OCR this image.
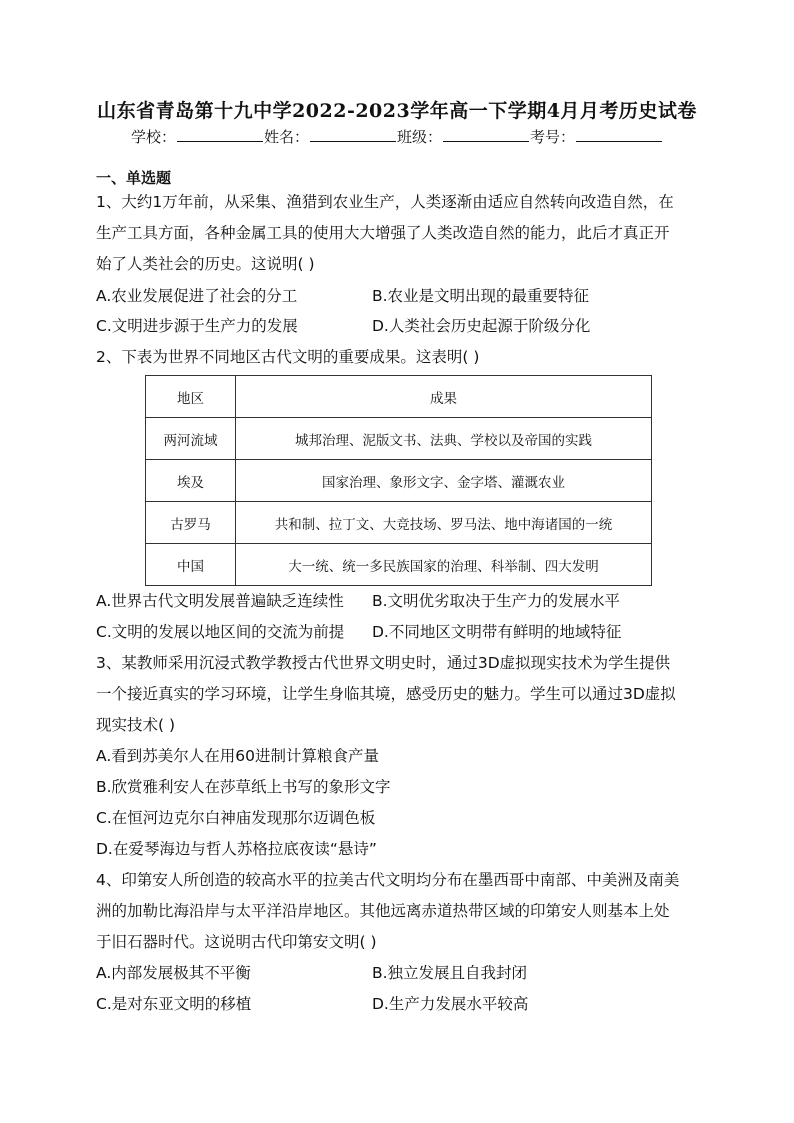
山东省青岛第十九中学2022-2023学年高一下学期4月月考历史试卷
学校：	姓名：	班级：	考号：
一、单选题
1、大约1万年前，从采集、渔猎到农业生产，人类逐渐由适应自然转向改造自然，在
生产工具方面，各种金属工具的使用大大增强了人类改造自然的能力，此后才真正开
始了人类社会的历史。这说明( )
A.农业发展促进了社会的分工	B.农业是文明出现的最重要特征
C.文明进步源于生产力的发展	D.人类社会历史起源于阶级分化
2、下表为世界不同地区古代文明的重要成果。这表明( )
地区	成果
两河流域	城邦治理、泥版文书、法典、学校以及帝国的实践
埃及	国家治理、象形文字、金字塔、灌溉农业
古罗马	共和制、拉丁文、大竞技场、罗马法、地中海诸国的一统
中国	大一统、统一多民族国家的治理、科举制、四大发明
A.世界古代文明发展普遍缺乏连续性 B.文明优劣取决于生产力的发展水平
C.文明的发展以地区间的交流为前提 D.不同地区文明带有鲜明的地域特征
3、某教师采用沉浸式教学教授古代世界文明史时，通过3D虚拟现实技术为学生提供
一个接近真实的学习环境，让学生身临其境，感受历史的魅力。学生可以通过3D虚拟
现实技术( )
A.看到苏美尔人在用60进制计算粮食产量
B.欣赏雅利安人在莎草纸上书写的象形文字
C.在恒河边克尔白神庙发现那尔迈调色板
D.在爱琴海边与哲人苏格拉底夜读“悬诗”
4、印第安人所创造的较高水平的拉美古代文明均分布在墨西哥中南部、中美洲及南美
洲的加勒比海沿岸与太平洋沿岸地区。其他远离赤道热带区域的印第安人则基本上处
于旧石器时代。这说明古代印第安文明( )
A.内部发展极其不平衡	B.独立发展且自我封闭
C.是对东亚文明的移植	D.生产力发展水平较高
